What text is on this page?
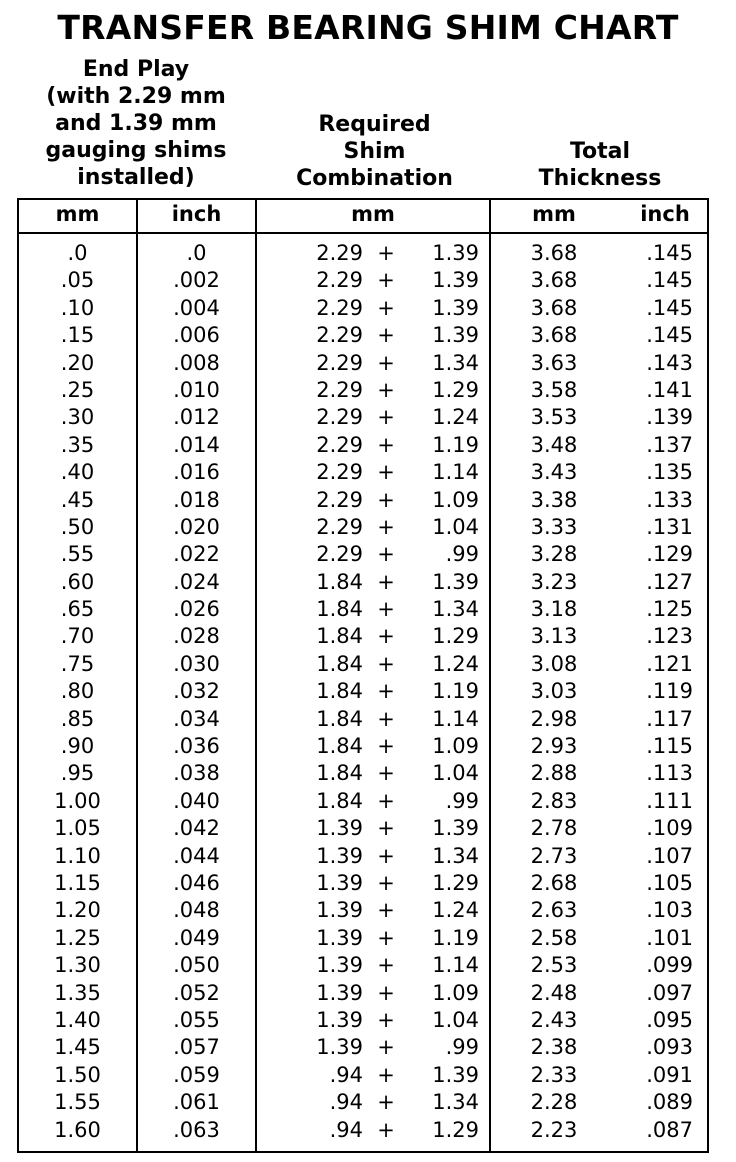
TRANSFER BEARING SHIM CHART
End Play
(with 2.29 mm
and 1.39 mm
gauging shims
installed)
Required
Shim
Combination
Total
Thickness
mm	inch	mm	mm	inch
.0	.0	2.29 +	1.39	3.68	.145
.05	.002	2.29 +	1.39	3.68	.145
.10	.004	2.29 +	1.39	3.68	.145
.15	.006	2.29 +	1.39	3.68	.145
.20	.008	2.29 +	1.34	3.63	.143
.25	.010	2.29 +	1.29	3.58	.141
.30	.012	2.29 +	1.24	3.53	.139
.35	.014	2.29 +	1.19	3.48	.137
.40	.016	2.29 +	1.14	3.43	.135
.45	.018	2.29 +	1.09	3.38	.133
.50	.020	2.29 +	1.04	3.33	.131
.55	.022	2.29 +	.99	3.28	.129
.60	.024	1.84 +	1.39	3.23	.127
.65	.026	1.84 +	1.34	3.18	.125
.70	.028	1.84 +	1.29	3.13	.123
.75	.030	1.84 +	1.24	3.08	.121
.80	.032	1.84 +	1.19	3.03	.119
.85	.034	1.84 +	1.14	2.98	.117
.90	.036	1.84 +	1.09	2.93	.115
.95	.038	1.84 +	1.04	2.88	.113
1.00	.040	1.84 +	.99	2.83	.111
1.05	.042	1.39 +	1.39	2.78	.109
1.10	.044	1.39 +	1.34	2.73	.107
1.15	.046	1.39 +	1.29	2.68	.105
1.20	.048	1.39 +	1.24	2.63	.103
1.25	.049	1.39 +	1.19	2.58	.101
1.30	.050	1.39 +	1.14	2.53	.099
1.35	.052	1.39 +	1.09	2.48	.097
1.40	.055	1.39 +	1.04	2.43	.095
1.45	.057	1.39 +	.99	2.38	.093
1.50	.059	.94 +	1.39	2.33	.091
1.55	.061	.94 +	1.34	2.28	.089
1.60	.063	.94 +	1.29	2.23	.087
